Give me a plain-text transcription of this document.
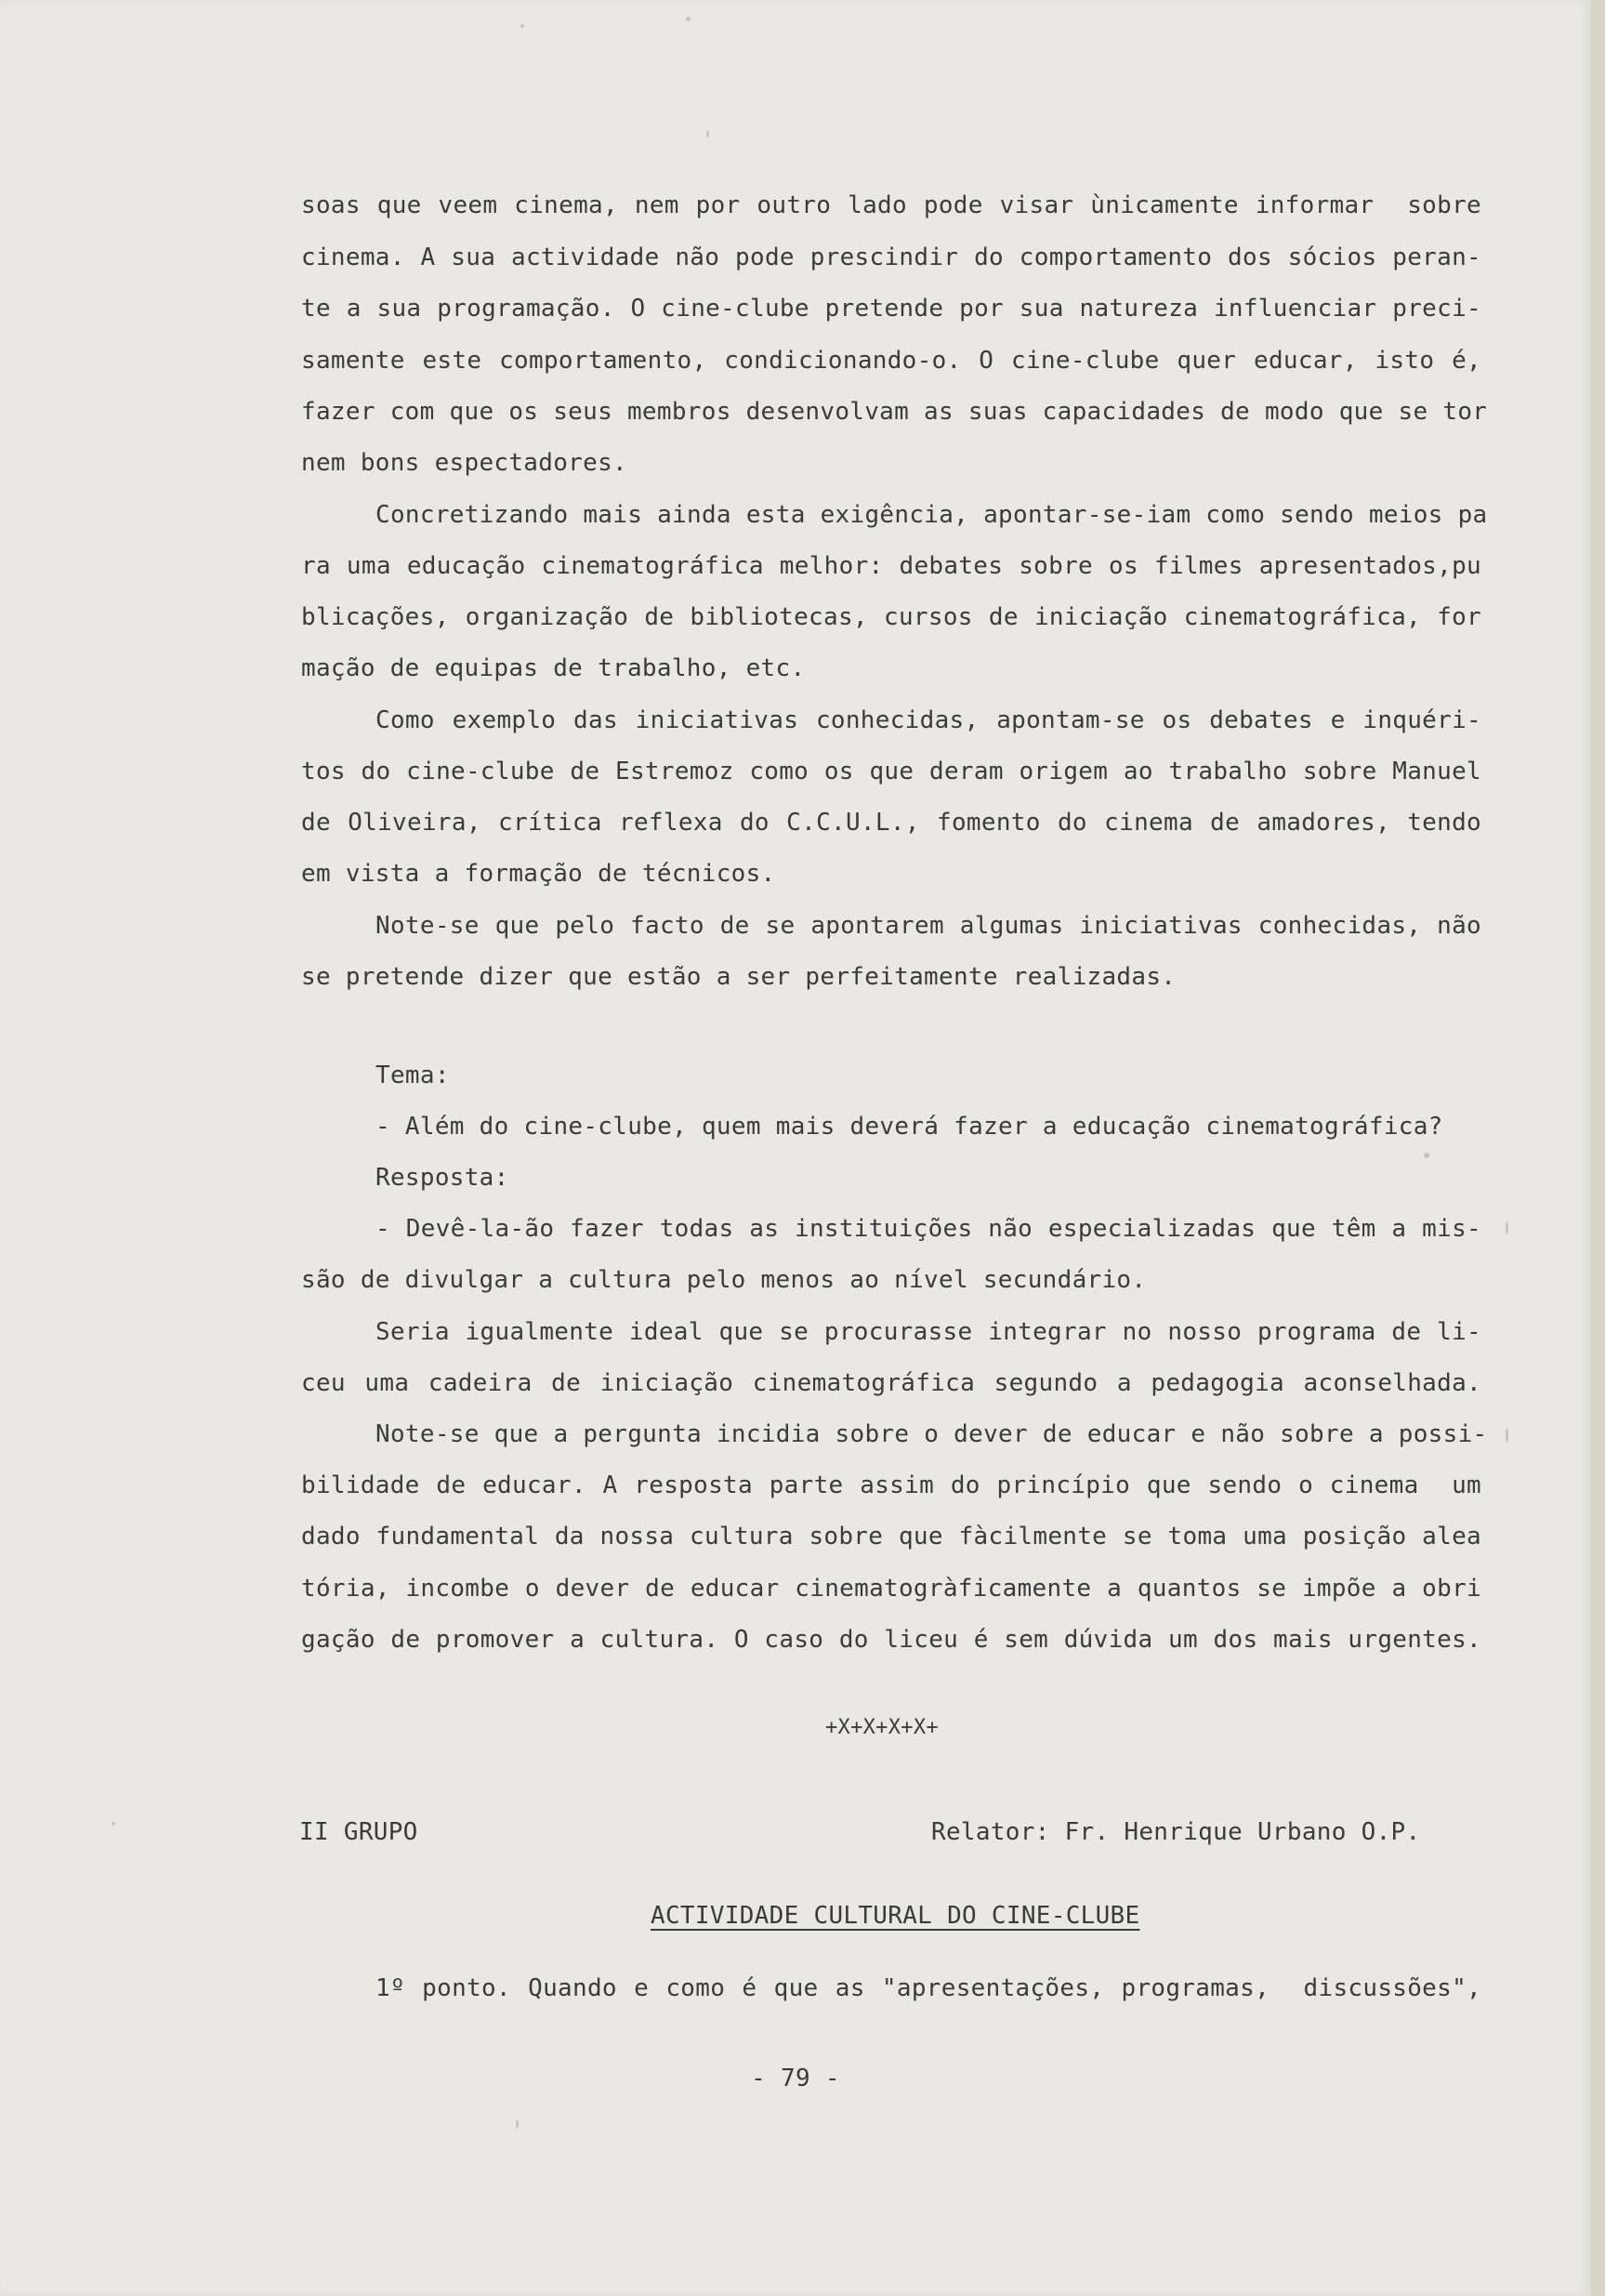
soas que veem cinema, nem por outro lado pode visar ùnicamente informar  sobre
cinema. A sua actividade não pode prescindir do comportamento dos sócios peran-
te a sua programação. O cine-clube pretende por sua natureza influenciar preci-
samente este comportamento, condicionando-o. O cine-clube quer educar, isto é,
fazer com que os seus membros desenvolvam as suas capacidades de modo que se tor
nem bons espectadores.
Concretizando mais ainda esta exigência, apontar-se-iam como sendo meios pa
ra uma educação cinematográfica melhor: debates sobre os filmes apresentados,pu
blicações, organização de bibliotecas, cursos de iniciação cinematográfica, for
mação de equipas de trabalho, etc.
Como exemplo das iniciativas conhecidas, apontam-se os debates e inquéri-
tos do cine-clube de Estremoz como os que deram origem ao trabalho sobre Manuel
de Oliveira, crítica reflexa do C.C.U.L., fomento do cinema de amadores, tendo
em vista a formação de técnicos.
Note-se que pelo facto de se apontarem algumas iniciativas conhecidas, não
se pretende dizer que estão a ser perfeitamente realizadas.
Tema:
- Além do cine-clube, quem mais deverá fazer a educação cinematográfica?
Resposta:
- Devê-la-ão fazer todas as instituições não especializadas que têm a mis-
são de divulgar a cultura pelo menos ao nível secundário.
Seria igualmente ideal que se procurasse integrar no nosso programa de li-
ceu uma cadeira de iniciação cinematográfica segundo a pedagogia aconselhada.
Note-se que a pergunta incidia sobre o dever de educar e não sobre a possi-
bilidade de educar. A resposta parte assim do princípio que sendo o cinema  um
dado fundamental da nossa cultura sobre que fàcilmente se toma uma posição alea
tória, incombe o dever de educar cinematogràficamente a quantos se impõe a obri
gação de promover a cultura. O caso do liceu é sem dúvida um dos mais urgentes.
+X+X+X+X+
II GRUPO	Relator: Fr. Henrique Urbano O.P.
ACTIVIDADE CULTURAL DO CINE-CLUBE
1º ponto. Quando e como é que as "apresentações, programas,  discussões",
- 79 -
